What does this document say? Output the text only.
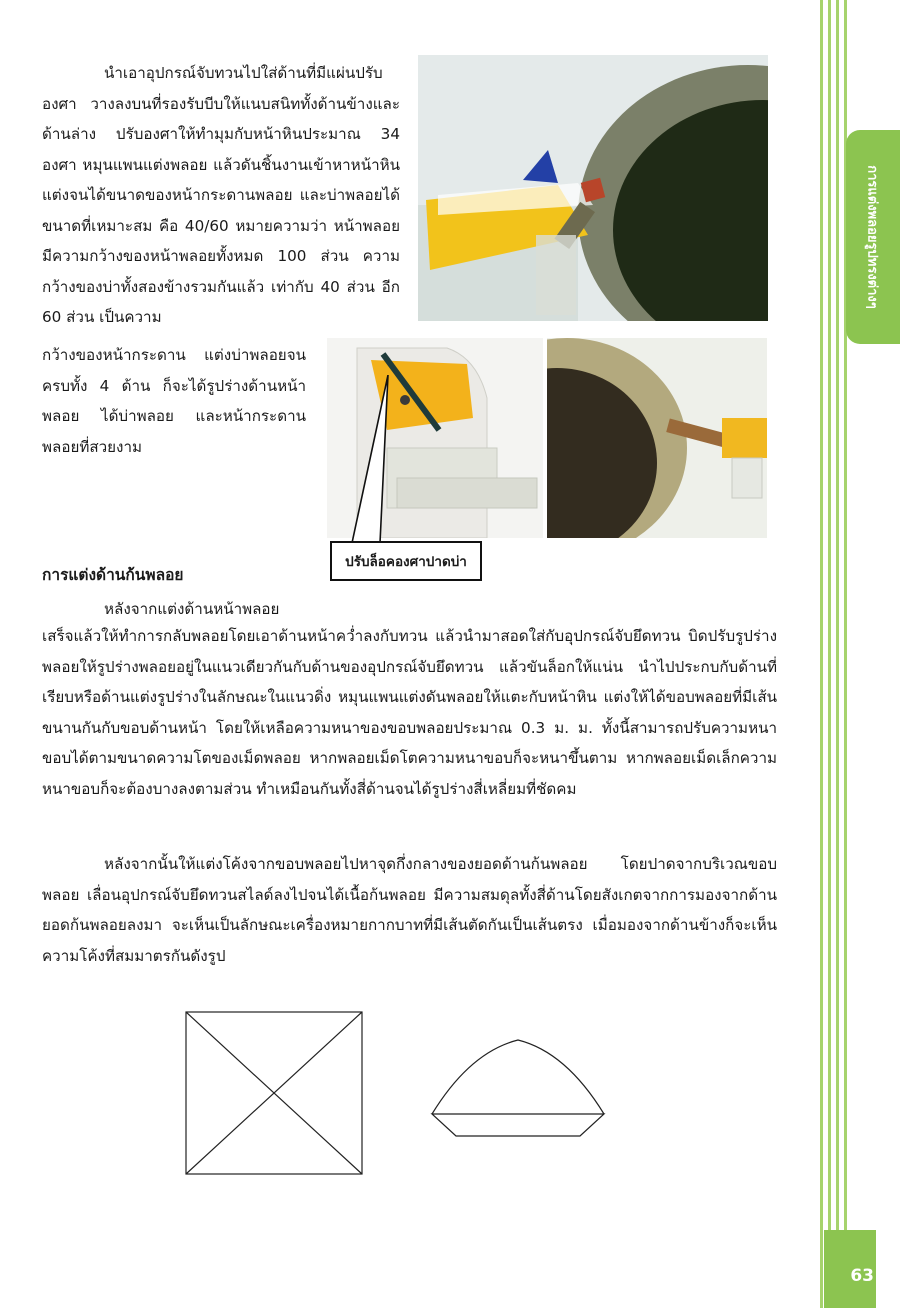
การแต่งพลอยรูปทรงต่างๆ

นำเอาอุปกรณ์จับทวนไปใส่ด้านที่มีแผ่นปรับองศา วางลงบนที่รองรับบีบให้แนบสนิททั้งด้านข้างและด้านล่าง ปรับองศาให้ทำมุมกับหน้าหินประมาณ 34 องศา หมุนแพนแต่งพลอย แล้วดันชิ้นงานเข้าหาหน้าหิน แต่งจนได้ขนาดของหน้ากระดานพลอย และบ่าพลอยได้ขนาดที่เหมาะสม คือ 40/60 หมายความว่า หน้าพลอยมีความกว้างของหน้าพลอยทั้งหมด 100 ส่วน ความกว้างของบ่าทั้งสองข้างรวมกันแล้ว เท่ากับ 40 ส่วน อีก 60 ส่วน เป็นความ

กว้างของหน้ากระดาน แต่งบ่าพลอยจนครบทั้ง 4 ด้าน ก็จะได้รูปร่างด้านหน้าพลอย ได้บ่าพลอย และหน้ากระดานพลอยที่สวยงาม

ปรับล็อคองศาปาดบ่า
การแต่งด้านก้นพลอย

หลังจากแต่งด้านหน้าพลอย

เสร็จแล้วให้ทำการกลับพลอยโดยเอาด้านหน้าคว่ำลงกับทวน แล้วนำมาสอดใส่กับอุปกรณ์จับยึดทวน บิดปรับรูปร่างพลอยให้รูปร่างพลอยอยู่ในแนวเดียวกันกับด้านของอุปกรณ์จับยึดทวน แล้วขันล็อกให้แน่น นำไปประกบกับด้านที่เรียบหรือด้านแต่งรูปร่างในลักษณะในแนวดิ่ง หมุนแพนแต่งดันพลอยให้แตะกับหน้าหิน แต่งให้ได้ขอบพลอยที่มีเส้นขนานกันกับขอบด้านหน้า โดยให้เหลือความหนาของขอบพลอยประมาณ 0.3 ม. ม. ทั้งนี้สามารถปรับความหนาขอบได้ตามขนาดความโตของเม็ดพลอย หากพลอยเม็ดโตความหนาขอบก็จะหนาขึ้นตาม หากพลอยเม็ดเล็กความหนาขอบก็จะต้องบางลงตามส่วน ทำเหมือนกันทั้งสี่ด้านจนได้รูปร่างสี่เหลี่ยมที่ชัดคม

หลังจากนั้นให้แต่งโค้งจากขอบพลอยไปหาจุดกึ่งกลางของยอดด้านก้นพลอย โดยปาดจากบริเวณขอบพลอย เลื่อนอุปกรณ์จับยึดทวนสไลด์ลงไปจนได้เนื้อก้นพลอย มีความสมดุลทั้งสี่ด้านโดยสังเกตจากการมองจากด้านยอดก้นพลอยลงมา จะเห็นเป็นลักษณะเครื่องหมายกากบาทที่มีเส้นตัดกันเป็นเส้นตรง เมื่อมองจากด้านข้างก็จะเห็นความโค้งที่สมมาตรกันดังรูป

63
